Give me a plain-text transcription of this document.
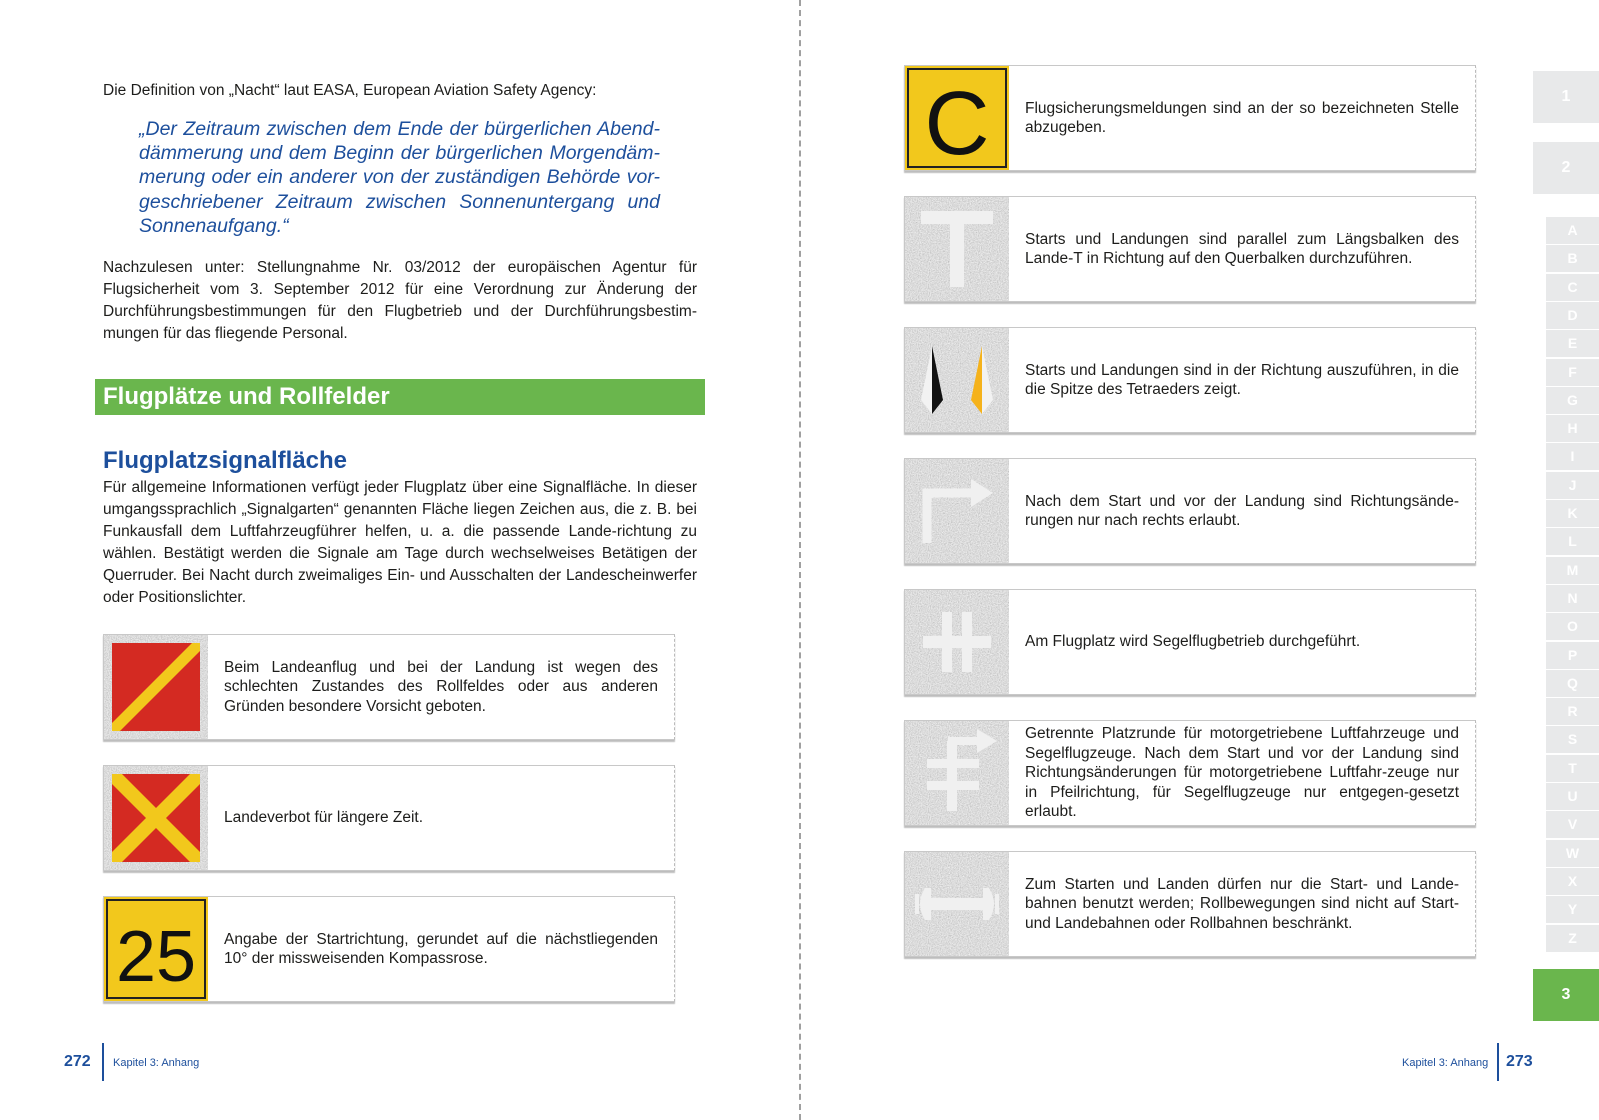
Die Definition von „Nacht“ laut EASA, European Aviation Safety Agency:
„Der Zeitraum zwischen dem Ende der bürgerlichen Abend-dämmerung und dem Beginn der bürgerlichen Morgendäm-merung oder ein anderer von der zuständigen Behörde vor-geschriebener Zeitraum zwischen Sonnenuntergang und Sonnenaufgang.“
Nachzulesen unter: Stellungnahme Nr. 03/2012 der europäischen Agentur für Flugsicherheit vom 3. September 2012 für eine Verordnung zur Änderung der Durchführungsbestimmungen für den Flugbetrieb und der Durchführungsbestim-mungen für das fliegende Personal.
Flugplätze und Rollfelder
Flugplatzsignalfläche
Für allgemeine Informationen verfügt jeder Flugplatz über eine Signalfläche. In dieser umgangssprachlich „Signalgarten“ genannten Fläche liegen Zeichen aus, die z. B. bei Funkausfall dem Luftfahrzeugführer helfen, u. a. die passende Lande-richtung zu wählen. Bestätigt werden die Signale am Tage durch wechselweises Betätigen der Querruder. Bei Nacht durch zweimaliges Ein- und Ausschalten der Landescheinwerfer oder Positionslichter.
Beim Landeanflug und bei der Landung ist wegen des schlechten Zustandes des Rollfeldes oder aus anderen Gründen besondere Vorsicht geboten.
Landeverbot für längere Zeit.
25 Angabe der Startrichtung, gerundet auf die nächstliegenden 10° der missweisenden Kompassrose.
272 Kapitel 3: Anhang
C Flugsicherungsmeldungen sind an der so bezeichneten Stelle abzugeben.
Starts und Landungen sind parallel zum Längsbalken des Lande-T in Richtung auf den Querbalken durchzuführen.
Starts und Landungen sind in der Richtung auszuführen, in die die Spitze des Tetraeders zeigt.
Nach dem Start und vor der Landung sind Richtungsände-rungen nur nach rechts erlaubt.
Am Flugplatz wird Segelflugbetrieb durchgeführt.
Getrennte Platzrunde für motorgetriebene Luftfahrzeuge und Segelflugzeuge. Nach dem Start und vor der Landung sind Richtungsänderungen für motorgetriebene Luftfahr-zeuge nur in Pfeilrichtung, für Segelflugzeuge nur entgegen-gesetzt erlaubt.
Zum Starten und Landen dürfen nur die Start- und Lande-bahnen benutzt werden; Rollbewegungen sind nicht auf Start- und Landebahnen oder Rollbahnen beschränkt.
Kapitel 3: Anhang 273
1
2
A
B
C
D
E
F
G
H
I
J
K
L
M
N
O
P
Q
R
S
T
U
V
W
X
Y
Z
3
